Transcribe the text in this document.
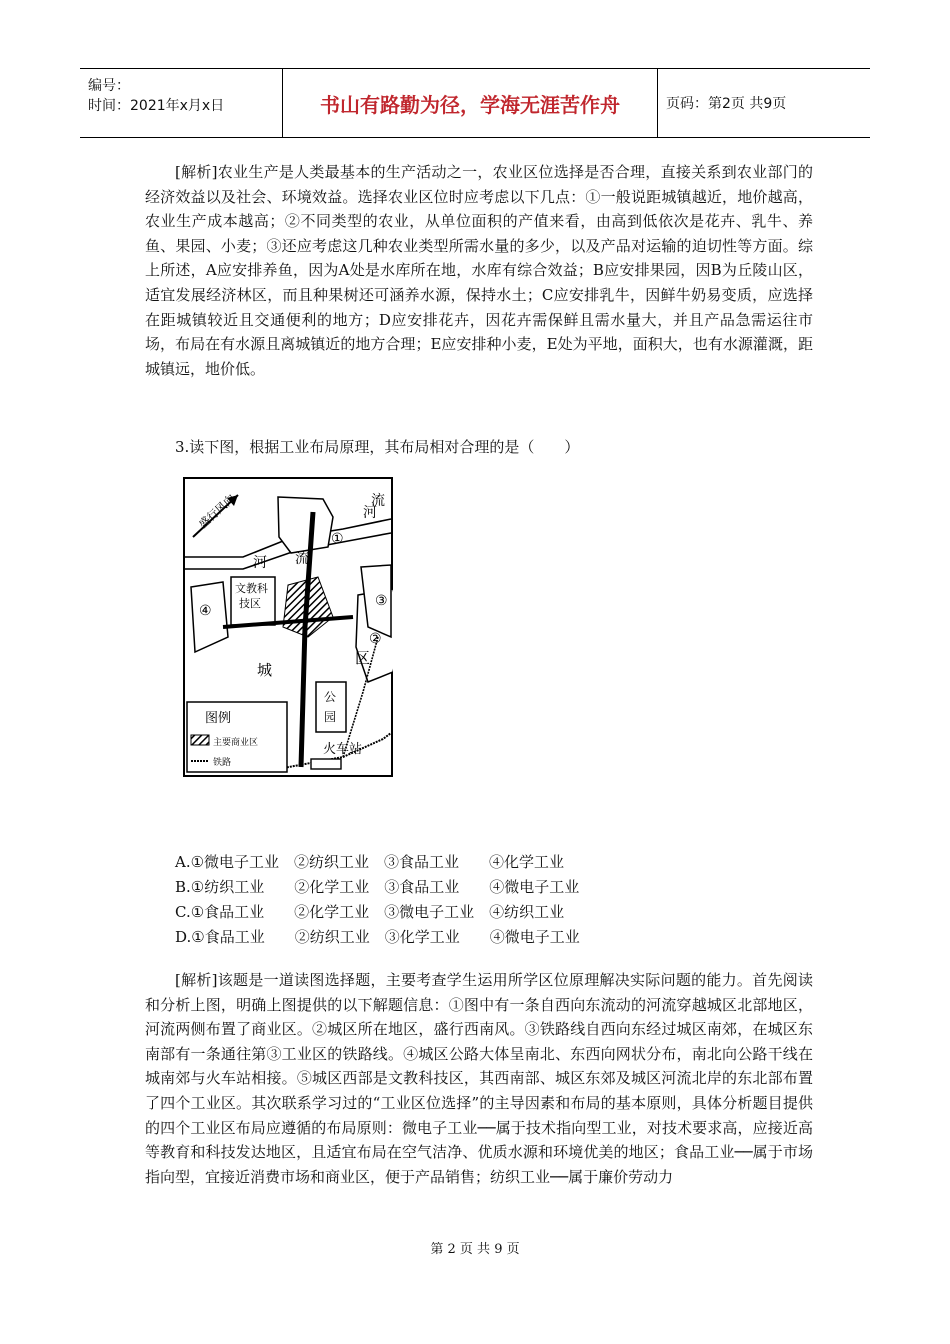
编号：
时间：2021年x月x日	书山有路勤为径，学海无涯苦作舟	页码：第2页 共9页

[解析]农业生产是人类最基本的生产活动之一，农业区位选择是否合理，直接关系到农业部门的经济效益以及社会、环境效益。选择农业区位时应考虑以下几点：①一般说距城镇越近，地价越高，农业生产成本越高；②不同类型的农业，从单位面积的产值来看，由高到低依次是花卉、乳牛、养鱼、果园、小麦；③还应考虑这几种农业类型所需水量的多少，以及产品对运输的迫切性等方面。综上所述，A应安排养鱼，因为A处是水库所在地，水库有综合效益；B应安排果园，因B为丘陵山区，适宜发展经济林区，而且种果树还可涵养水源，保持水土；C应安排乳牛，因鲜牛奶易变质，应选择在距城镇较近且交通便利的地方；D应安排花卉，因花卉需保鲜且需水量大，并且产品急需运往市场，布局在有水源且离城镇近的地方合理；E应安排种小麦，E处为平地，面积大，也有水源灌溉，距城镇远，地价低。

3.读下图，根据工业布局原理，其布局相对合理的是（　　）
盛行风向	河
流
河 流
①
②
③
④
文教科
技区
城
区
公
园
火车站
图例
主要商业区
铁路
A.①微电子工业　②纺织工业　③食品工业　　④化学工业
B.①纺织工业　　②化学工业　③食品工业　　④微电子工业
C.①食品工业　　②化学工业　③微电子工业　④纺织工业
D.①食品工业　　②纺织工业　③化学工业　　④微电子工业

[解析]该题是一道读图选择题，主要考查学生运用所学区位原理解决实际问题的能力。首先阅读和分析上图，明确上图提供的以下解题信息：①图中有一条自西向东流动的河流穿越城区北部地区，河流两侧布置了商业区。②城区所在地区，盛行西南风。③铁路线自西向东经过城区南郊，在城区东南部有一条通往第③工业区的铁路线。④城区公路大体呈南北、东西向网状分布，南北向公路干线在城南郊与火车站相接。⑤城区西部是文教科技区，其西南部、城区东郊及城区河流北岸的东北部布置了四个工业区。其次联系学习过的“工业区位选择”的主导因素和布局的基本原则，具体分析题目提供的四个工业区布局应遵循的布局原则：微电子工业──属于技术指向型工业，对技术要求高，应接近高等教育和科技发达地区，且适宜布局在空气洁净、优质水源和环境优美的地区；食品工业──属于市场指向型，宜接近消费市场和商业区，便于产品销售；纺织工业──属于廉价劳动力

第 2 页 共 9 页
